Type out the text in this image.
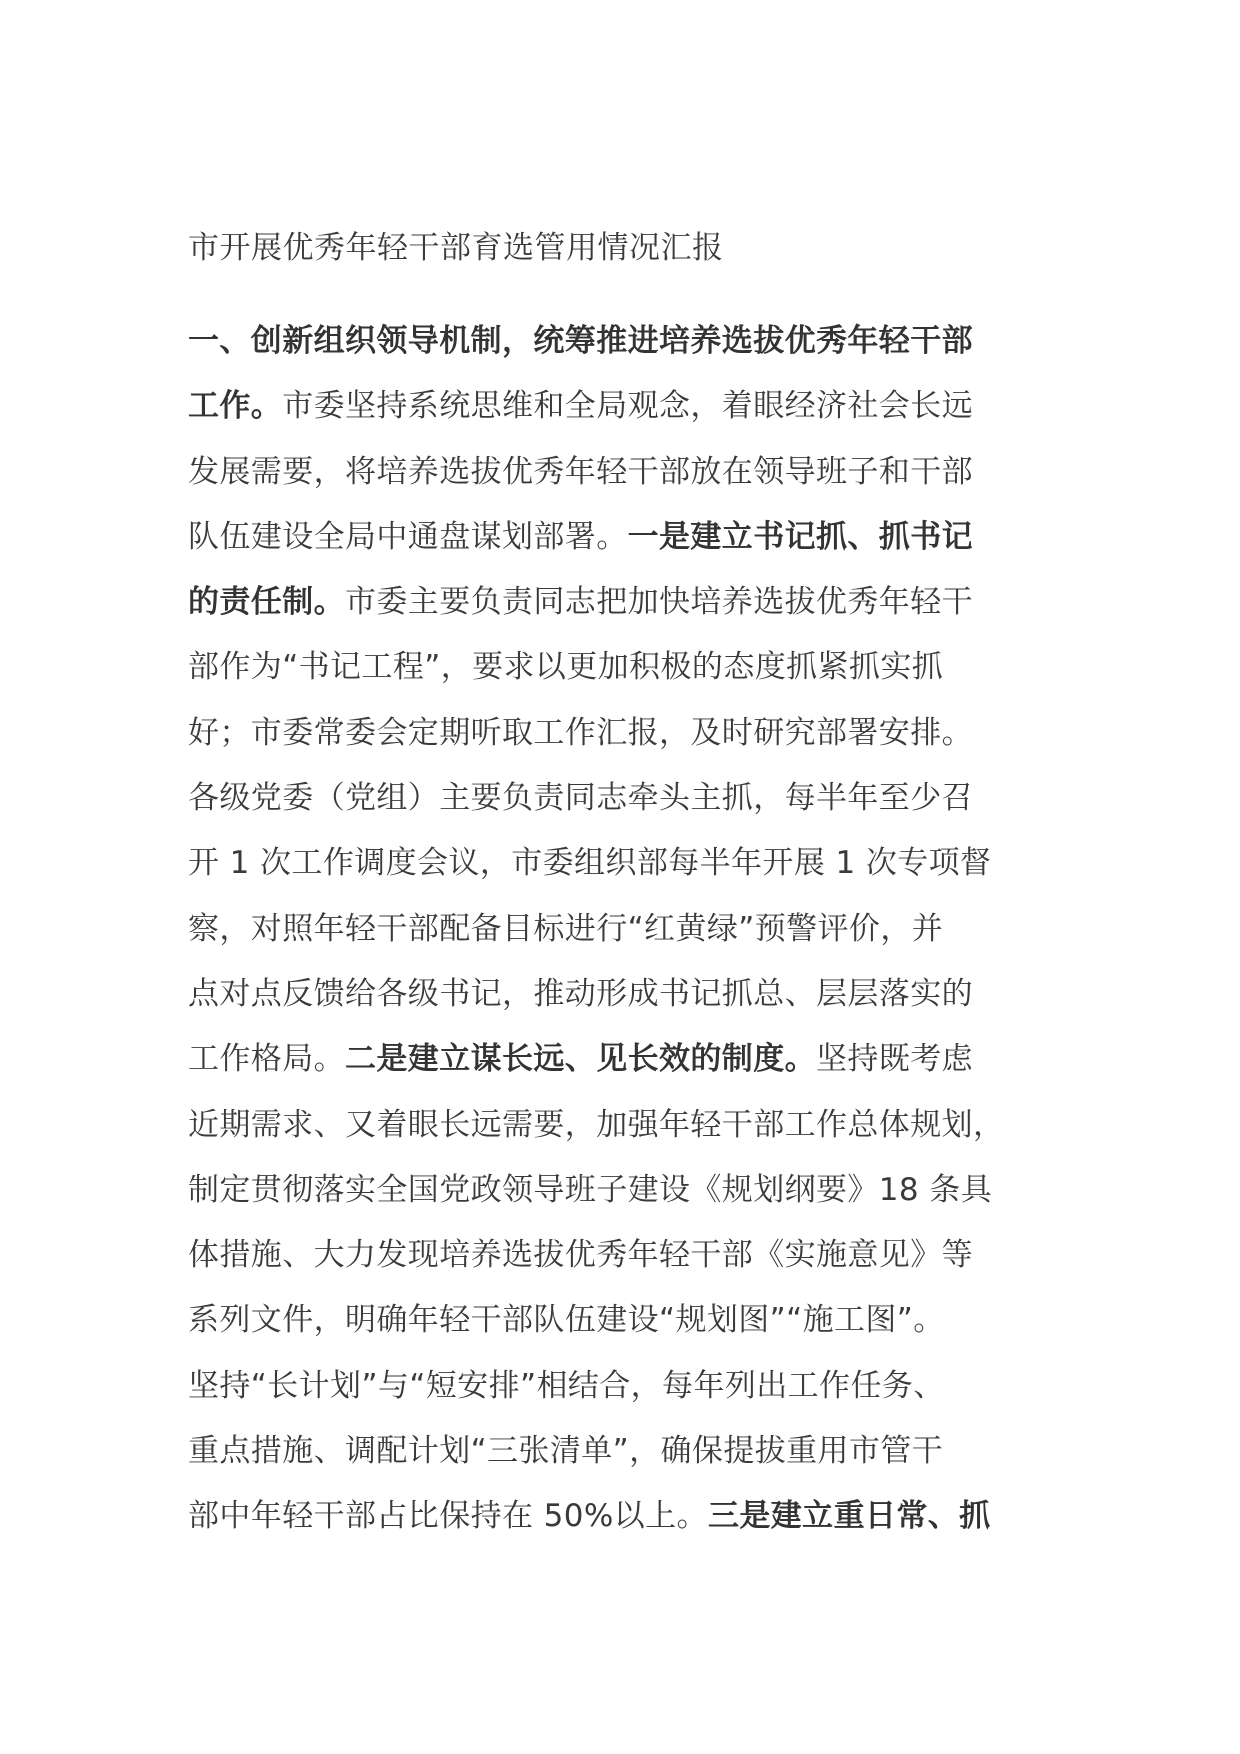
市开展优秀年轻干部育选管用情况汇报
一、创新组织领导机制，统筹推进培养选拔优秀年轻干部
工作。市委坚持系统思维和全局观念，着眼经济社会长远
发展需要，将培养选拔优秀年轻干部放在领导班子和干部
队伍建设全局中通盘谋划部署。一是建立书记抓、抓书记
的责任制。市委主要负责同志把加快培养选拔优秀年轻干
部作为“书记工程”，要求以更加积极的态度抓紧抓实抓
好；市委常委会定期听取工作汇报，及时研究部署安排。
各级党委（党组）主要负责同志牵头主抓，每半年至少召
开 1 次工作调度会议，市委组织部每半年开展 1 次专项督
察，对照年轻干部配备目标进行“红黄绿”预警评价，并
点对点反馈给各级书记，推动形成书记抓总、层层落实的
工作格局。二是建立谋长远、见长效的制度。坚持既考虑
近期需求、又着眼长远需要，加强年轻干部工作总体规划，
制定贯彻落实全国党政领导班子建设《规划纲要》18 条具
体措施、大力发现培养选拔优秀年轻干部《实施意见》等
系列文件，明确年轻干部队伍建设“规划图”“施工图”。
坚持“长计划”与“短安排”相结合，每年列出工作任务、
重点措施、调配计划“三张清单”，确保提拔重用市管干
部中年轻干部占比保持在 50%以上。三是建立重日常、抓
